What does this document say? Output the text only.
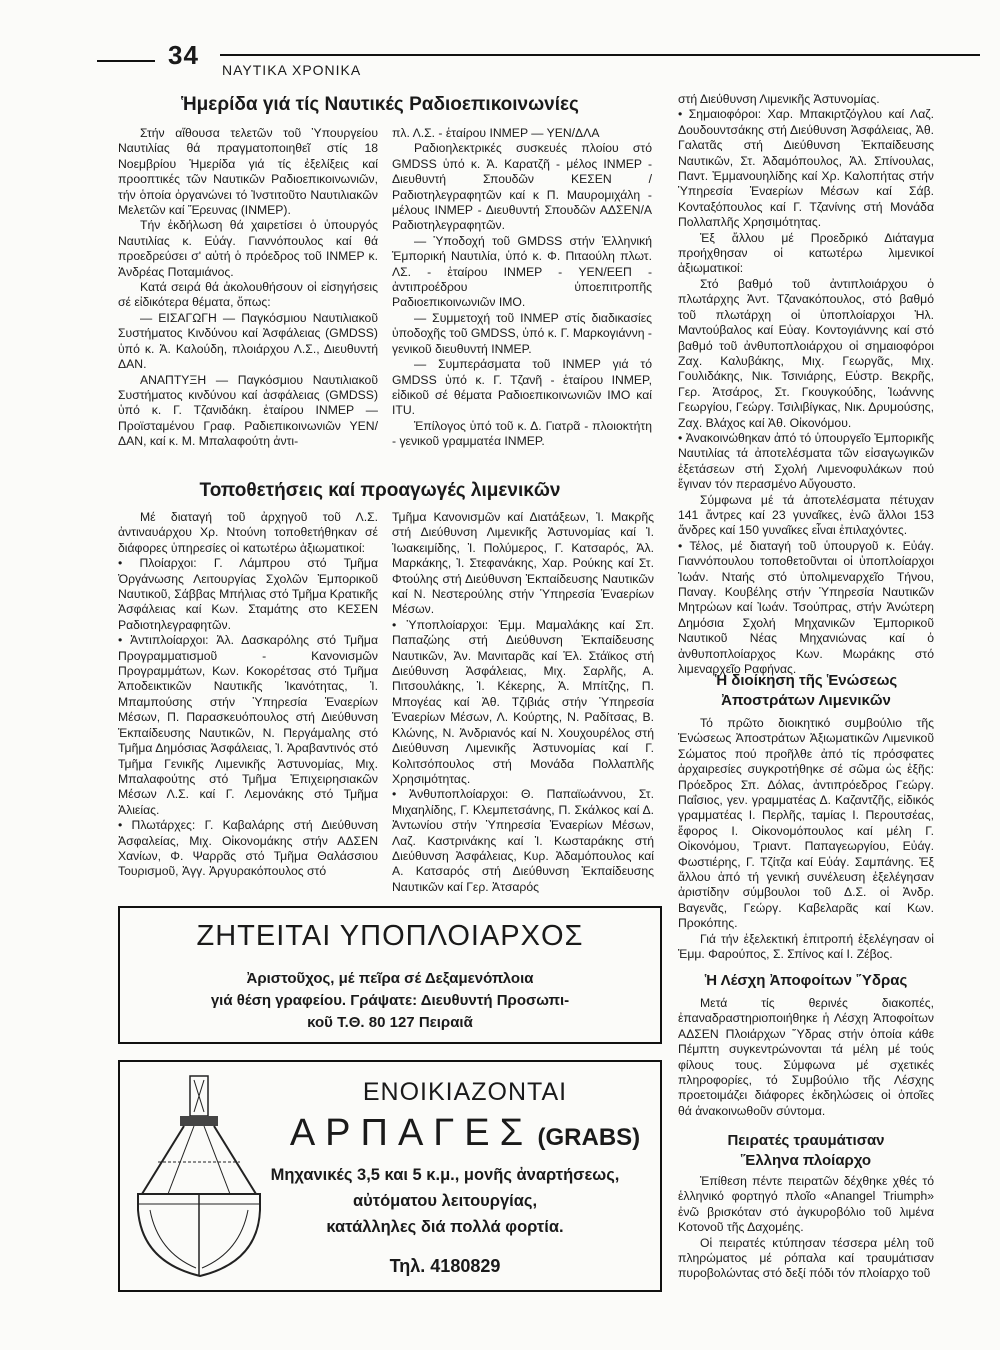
34 ΝΑΥΤΙΚΑ ΧΡΟΝΙΚΑ
Ἡμερίδα γιά τίς Ναυτικές Ραδιοεπικοινωνίες

Στήν αἴθουσα τελετῶν τοῦ Ὑπουργείου Ναυτιλίας θά πραγματοποιηθεῖ στίς 18 Νοεμβρίου Ἡμερίδα γιά τίς ἐξελίξεις καί προοπτικές τῶν Ναυτικῶν Ραδιοεπικοινωνιῶν, τήν ὁποία ὀργανώνει τό Ἰνστιτοῦτο Ναυτιλιακῶν Μελετῶν καί Ἔρευνας (INMEP).

Τήν ἐκδήλωση θά χαιρετίσει ὁ ὑπουργός Ναυτιλίας κ. Εὐάγ. Γιαννόπουλος καί θά προεδρεύσει σ' αὐτή ὁ πρόεδρος τοῦ INMEP κ. Ἀνδρέας Ποταμιάνος.

Κατά σειρά θά ἀκολουθήσουν οἱ εἰσηγήσεις σέ εἰδικότερα θέματα, ὅπως:

— ΕΙΣΑΓΩΓΗ — Παγκόσμιου Ναυτιλιακοῦ Συστήματος Κινδύνου καί Ἀσφάλειας (GMDSS) ὑπό κ. Ἀ. Καλούδη, πλοιάρχου Λ.Σ., Διευθυντή ΔΑΝ.

ΑΝΑΠΤΥΞΗ — Παγκόσμιου Ναυτιλιακοῦ Συστήματος κινδύνου καί ἀσφάλειας (GMDSS) ὑπό κ. Γ. Τζανιδάκη. ἑταίρου ΙΝΜΕΡ — Προϊσταμένου Γραφ. Ραδιεπικοινωνιῶν ΥΕΝ/ΔΑΝ, καί κ. Μ. Μπαλαφούτη ἀντι-

πλ. Λ.Σ. - ἑταίρου ΙΝΜΕΡ — ΥΕΝ/ΔΛΑ

Ραδιοηλεκτρικές συσκευές πλοίου στό GMDSS ὑπό κ. Ἀ. Καρατζῆ - μέλος INMEP - Διευθυντή Σπουδῶν ΚΕΣΕΝ / Ραδιοτηλεγραφητῶν καί κ Π. Μαυρομιχάλη - μέλους ΙΝΜΕΡ - Διευθυντή Σπουδῶν ΑΔΣΕΝ/Α Ραδιοτηλεγραφητῶν.

— Ὑποδοχή τοῦ GMDSS στήν Ἑλληνική Ἐμπορική Ναυτιλία, ὑπό κ. Φ. Πιταούλη πλωτ. ΛΣ. - ἑταίρου INMEP - ΥΕΝ/ΕΕΠ - ἀντιπροέδρου ὑποεπιτροπῆς Ραδιοεπικοινωνιῶν ΙΜΟ.

— Συμμετοχή τοῦ INMEP στίς διαδικασίες ὑποδοχῆς τοῦ GMDSS, ὑπό κ. Γ. Μαρκογιάννη - γενικοῦ διευθυντή INMEP.

— Συμπεράσματα τοῦ ΙΝΜΕΡ γιά τό GMDSS ὑπό κ. Γ. Τζανῆ - ἑταίρου INMEP, εἰδικοῦ σέ θέματα Ραδιοεπικοινωνιῶν ΙΜΟ καί ITU.

Ἐπίλογος ὑπό τοῦ κ. Δ. Γιατρᾶ - πλοιοκτήτη - γενικοῦ γραμματέα INMEP.

Τοποθετήσεις καί προαγωγές λιμενικῶν

Μέ διαταγή τοῦ ἀρχηγοῦ τοῦ Λ.Σ. ἀντιναυάρχου Χρ. Ντούνη τοποθετήθηκαν σέ διάφορες ὑπηρεσίες οἱ κατωτέρω ἀξιωματικοί:

• Πλοίαρχοι: Γ. Λάμπρου στό Τμῆμα Ὀργάνωσης Λειτουργίας Σχολῶν Ἐμπορικοῦ Ναυτικοῦ, Σάββας Μπήλιας στό Τμῆμα Κρατικῆς Ἀσφάλειας καί Κων. Σταμάτης στο ΚΕΣΕΝ Ραδιοτηλεγραφητῶν.

• Ἀντιπλοίαρχοι: Ἀλ. Δασκαρόλης στό Τμῆμα Προγραμματισμοῦ - Κανονισμῶν Προγραμμάτων, Κων. Κοκορέτσας στό Τμῆμα Ἀποδεικτικῶν Ναυτικῆς Ἰκανότητας, Ἰ. Μπαμπούσης στήν Ὑπηρεσία Ἐναερίων Μέσων, Π. Παρασκευόπουλος στή Διεύθυνση Ἐκπαίδευσης Ναυτικῶν, Ν. Περγάμαλης στό Τμῆμα Δημόσιας Ἀσφάλειας, Ἰ. Ἀραβαντινός στό Τμῆμα Γενικῆς Λιμενικῆς Ἀστυνομίας, Μιχ. Μπαλαφούτης στό Τμῆμα Ἐπιχειρησιακῶν Μέσων Λ.Σ. καί Γ. Λεμονάκης στό Τμῆμα Ἁλιείας.

• Πλωτάρχες: Γ. Καβαλάρης στή Διεύθυνση Ἀσφαλείας, Μιχ. Οἰκονομάκης στήν ΑΔΣΕΝ Χανίων, Φ. Ψαρρᾶς στό Τμῆμα Θαλάσσιου Τουρισμοῦ, Ἀγγ. Ἀργυρακόπουλος στό

Τμῆμα Κανονισμῶν καί Διατάξεων, Ἰ. Μακρῆς στή Διεύθυνση Λιμενικῆς Ἀστυνομίας καί Ἰ. Ἰωακειμίδης, Ἰ. Πολύμερος, Γ. Κατσαρός, Ἀλ. Μαρκάκης, Ἰ. Στεφανάκης, Χαρ. Ρούκης καί Στ. Φτούλης στή Διεύθυνση Ἐκπαίδευσης Ναυτικῶν καί Ν. Νεστερούλης στήν Ὑπηρεσία Ἐναερίων Μέσων.

• Ὑποπλοίαρχοι: Ἐμμ. Μαμαλάκης καί Σπ. Παπαζώης στή Διεύθυνση Ἐκπαίδευσης Ναυτικῶν, Ἀν. Μανιταρᾶς καί Ἑλ. Στάϊκος στή Διεύθυνση Ἀσφάλειας, Μιχ. Σαρλῆς, Α. Πιτσουλάκης, Ἰ. Κέκερης, Ἀ. Μπίτζης, Π. Μπογέας καί Ἀθ. Τζιβιάς στήν Ὑπηρεσία Ἐναερίων Μέσων, Λ. Κούρτης, Ν. Ραδίτσας, Β. Κλώνης, Ν. Ἀνδριανός καί Ν. Χουχουρέλος στή Διεύθυνση Λιμενικῆς Ἀστυνομίας καί Γ. Κολιτσόπουλος στή Μονάδα Πολλαπλῆς Χρησιμότητας.

• Ἀνθυποπλοίαρχοι: Θ. Παπαϊωάννου, Στ. Μιχαηλίδης, Γ. Κλεμπετσάνης, Π. Σκάλκος καί Δ. Ἀντωνίου στήν Ὑπηρεσία Ἐναερίων Μέσων, Λαζ. Καστρινάκης καί Ἰ. Κωσταράκης στή Διεύθυνση Ἀσφάλειας, Κυρ. Ἀδαμόπουλος καί Α. Κατσαρός στή Διεύθυνση Ἐκπαίδευσης Ναυτικῶν καί Γερ. Ἀτσαρός

ΖΗΤΕΙΤΑΙ ΥΠΟΠΛΟΙΑΡΧΟΣ
Ἀριστοῦχος, μέ πεῖρα σέ Δεξαμενόπλοια
γιά θέση γραφείου. Γράψατε: Διευθυντή Προσωπι-
κοῦ Τ.Θ. 80 127 Πειραιᾶ
ΕΝΟΙΚΙΑΖΟΝΤΑΙ
ΑΡΠΑΓΕΣ (GRABS)
Μηχανικές 3,5 και 5 κ.μ., μονῆς ἀναρτήσεως,
αὐτόματου λειτουργίας,
κατάλληλες διά πολλά φορτία.
Τηλ. 4180829

στή Διεύθυνση Λιμενικῆς Ἀστυνομίας.

• Σημαιοφόροι: Χαρ. Μπακιρτζόγλου καί Λαζ. Δουδουντσάκης στή Διεύθυνση Ἀσφάλειας, Ἀθ. Γαλατᾶς στή Διεύθυνση Ἐκπαίδευσης Ναυτικῶν, Στ. Ἀδαμόπουλος, Ἀλ. Σπίνουλας, Παντ. Ἐμμανουηλίδης καί Χρ. Καλοπήτας στήν Ὑπηρεσία Ἐναερίων Μέσων καί Σάβ. Κονταξόπουλος καί Γ. Τζανίνης στή Μονάδα Πολλαπλῆς Χρησιμότητας.

Ἐξ ἄλλου μέ Προεδρικό Διάταγμα προήχθησαν οἱ κατωτέρω λιμενικοί ἀξιωματικοί:

Στό βαθμό τοῦ ἀντιπλοιάρχου ὁ πλωτάρχης Ἀντ. Τζανακόπουλος, στό βαθμό τοῦ πλωτάρχη οἱ ὑποπλοίαρχοι Ἠλ. Μαντούβαλος καί Εὐαγ. Κοντογιάννης καί στό βαθμό τοῦ ἀνθυποπλοιάρχου οἱ σημαιοφόροι Ζαχ. Καλυβάκης, Μιχ. Γεωργᾶς, Μιχ. Γουλιδάκης, Νικ. Τσινιάρης, Εὐστρ. Βεκρῆς, Γερ. Ἀτσάρος, Στ. Γκουγκούδης, Ἰωάννης Γεωργίου, Γεώργ. Τσιλιβίγκας, Νικ. Δρυμούσης, Ζαχ. Βλάχος καί Ἀθ. Οἰκονόμου.

• Ἀνακοινώθηκαν ἀπό τό ὑπουργεῖο Ἐμπορικῆς Ναυτιλίας τά ἀποτελέσματα τῶν εἰσαγωγικῶν ἐξετάσεων στή Σχολή Λιμενοφυλάκων πού ἔγιναν τόν περασμένο Αὔγουστο.

Σύμφωνα μέ τά ἀποτελέσματα πέτυχαν 141 ἄντρες καί 23 γυναῖκες, ἐνῶ ἄλλοι 153 ἄνδρες καί 150 γυναῖκες εἶναι ἐπιλαχόντες.

• Τέλος, μέ διαταγή τοῦ ὑπουργοῦ κ. Εὐάγ. Γιαννόπουλου τοποθετοῦνται οἱ ὑποπλοίαρχοι Ἰωάν. Νταής στό ὑπολιμεναρχεῖο Τήνου, Παναγ. Κουβέλης στήν Ὑπηρεσία Ναυτικῶν Μητρώων καί Ἰωάν. Τσούπρας, στήν Ἀνώτερη Δημόσια Σχολή Μηχανικῶν Ἐμπορικοῦ Ναυτικοῦ Νέας Μηχανιώνας καί ὁ ἀνθυποπλοίαρχος Κων. Μωράκης στό λιμεναρχεῖο Ραφήνας.

Ἡ διοίκηση τῆς Ἑνώσεως
Ἀποστράτων Λιμενικῶν

Τό πρῶτο διοικητικό συμβούλιο τῆς Ἑνώσεως Ἀποστράτων Ἀξιωματικῶν Λιμενικοῦ Σώματος πού προῆλθε ἀπό τίς πρόσφατες ἀρχαιρεσίες συγκροτήθηκε σέ σῶμα ὡς ἑξῆς: Πρόεδρος Σπ. Δόλας, ἀντιπρόεδρος Γεώργ. Παΐσιος, γεν. γραμματέας Δ. Καζαντζῆς, εἰδικός γραμματέας Ι. Περλῆς, ταμίας Ι. Περουτσέας, ἔφορος Ι. Οἰκονομόπουλος καί μέλη Γ. Οἰκονόμου, Τριαντ. Παπαγεωργίου, Εὐάγ. Φωστιέρης, Γ. Τζίτζα καί Εὐάγ. Σαμπάνης. Ἐξ ἄλλου ἀπό τή γενική συνέλευση ἐξελέγησαν ἀριστίδην σύμβουλοι τοῦ Δ.Σ. οἱ Ἀνδρ. Βαγενᾶς, Γεώργ. Καβελαρᾶς καί Κων. Προκόπης.

Γιά τήν ἐξελεκτική ἐπιτροπή ἐξελέγησαν οἱ Ἐμμ. Φαρούπος, Σ. Σπίνος καί Ι. Ζέβος.

Ἡ Λέσχη Ἀποφοίτων Ὕδρας

Μετά τίς θερινές διακοπές, ἐπαναδραστηριοποιήθηκε ἡ Λέσχη Ἀποφοίτων ΑΔΣΕΝ Πλοιάρχων Ὕδρας στήν ὁποία κάθε Πέμπτη συγκεντρώνονται τά μέλη μέ τούς φίλους τους. Σύμφωνα μέ σχετικές πληροφορίες, τό Συμβούλιο τῆς Λέσχης προετοιμάζει διάφορες ἐκδηλώσεις οἱ ὁποῖες θά ἀνακοινωθοῦν σύντομα.

Πειρατές τραυμάτισαν
Ἕλληνα πλοίαρχο

Ἐπίθεση πέντε πειρατῶν δέχθηκε χθές τό ἑλληνικό φορτηγό πλοῖο «Anangel Triumph» ἐνῶ βρισκόταν στό ἀγκυροβόλιο τοῦ λιμένα Κοτονοῦ τῆς Δαχομέης.

Οἱ πειρατές κτύπησαν τέσσερα μέλη τοῦ πληρώματος μέ ρόπαλα καί τραυμάτισαν πυροβολώντας στό δεξί πόδι τόν πλοίαρχο τοῦ
